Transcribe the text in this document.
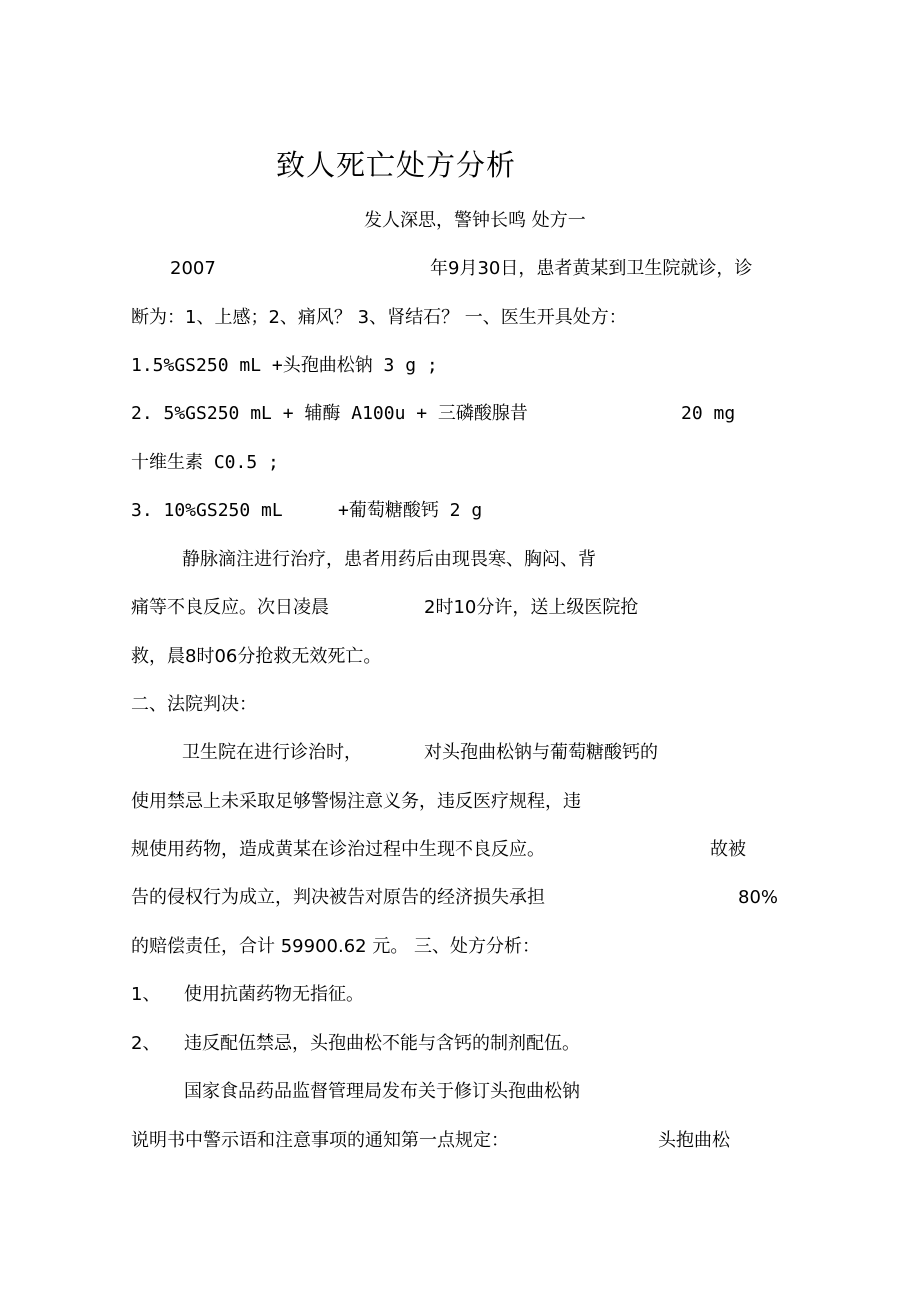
致人死亡处方分析
发人深思，警钟长鸣 处方一
2007	年9月30日，患者黄某到卫生院就诊，诊
断为：1、上感；2、痛风？ 3、肾结石？ 一、医生开具处方：
1.5%GS250 mL +头孢曲松钠 3 g ;
2. 5%GS250 mL + 辅酶 A100u + 三磷酸腺昔	20 mg
十维生素 C0.5 ;
3. 10%GS250 mL	+葡萄糖酸钙 2 g
静脉滴注进行治疗，患者用药后由现畏寒、胸闷、背
痛等不良反应。次日凌晨	2时10分许，送上级医院抢
救，晨8时06分抢救无效死亡。
二、法院判决：
卫生院在进行诊治时，	对头孢曲松钠与葡萄糖酸钙的
使用禁忌上未采取足够警惕注意义务，违反医疗规程，违
规使用药物，造成黄某在诊治过程中生现不良反应。	故被
告的侵权行为成立，判决被告对原告的经济损失承担	80%
的赔偿责任，合计 59900.62 元。 三、处方分析：
1、 使用抗菌药物无指征。
2、 违反配伍禁忌，头孢曲松不能与含钙的制剂配伍。
国家食品药品监督管理局发布关于修订头孢曲松钠
说明书中警示语和注意事项的通知第一点规定：	头抱曲松
